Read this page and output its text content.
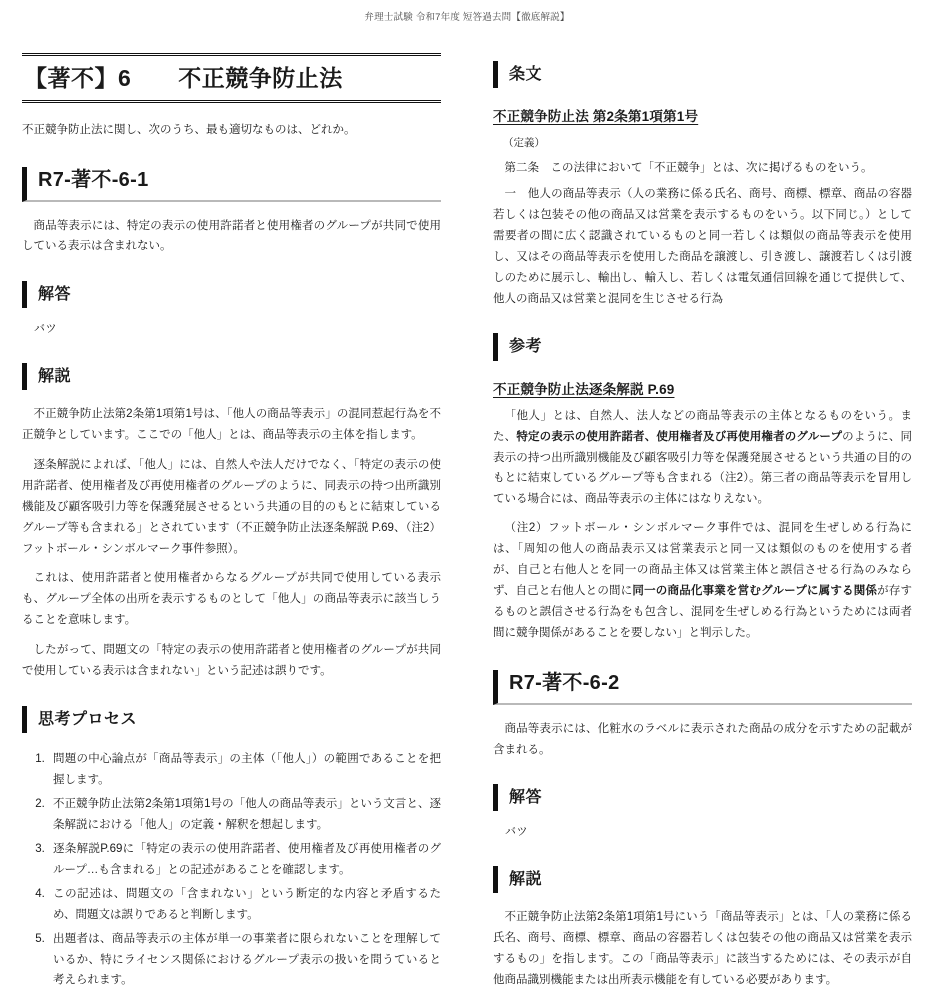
弁理士試験 令和7年度 短答過去問【徹底解説】
【著不】6　　不正競争防止法
不正競争防止法に関し、次のうち、最も適切なものは、どれか。
R7-著不-6-1
商品等表示には、特定の表示の使用許諾者と使用権者のグループが共同で使用している表示は含まれない。
解答
バツ
解説
不正競争防止法第2条第1項第1号は、「他人の商品等表示」の混同惹起行為を不正競争としています。ここでの「他人」とは、商品等表示の主体を指します。
逐条解説によれば、「他人」には、自然人や法人だけでなく、「特定の表示の使用許諾者、使用権者及び再使用権者のグループのように、同表示の持つ出所識別機能及び顧客吸引力等を保護発展させるという共通の目的のもとに結束しているグループ等も含まれる」とされています（不正競争防止法逐条解説 P.69、（注2）フットボール・シンボルマーク事件参照）。
これは、使用許諾者と使用権者からなるグループが共同で使用している表示も、グループ全体の出所を表示するものとして「他人」の商品等表示に該当しうることを意味します。
したがって、問題文の「特定の表示の使用許諾者と使用権者のグループが共同で使用している表示は含まれない」という記述は誤りです。
思考プロセス
1. 問題の中心論点が「商品等表示」の主体（「他人」）の範囲であることを把握します。
2. 不正競争防止法第2条第1項第1号の「他人の商品等表示」という文言と、逐条解説における「他人」の定義・解釈を想起します。
3. 逐条解説P.69に「特定の表示の使用許諾者、使用権者及び再使用権者のグループ…も含まれる」との記述があることを確認します。
4. この記述は、問題文の「含まれない」という断定的な内容と矛盾するため、問題文は誤りであると判断します。
5. 出題者は、商品等表示の主体が単一の事業者に限られないことを理解しているか、特にライセンス関係におけるグループ表示の扱いを問うていると考えられます。
条文
不正競争防止法 第2条第1項第1号
（定義）
第二条　この法律において「不正競争」とは、次に掲げるものをいう。
一　他人の商品等表示（人の業務に係る氏名、商号、商標、標章、商品の容器若しくは包装その他の商品又は営業を表示するものをいう。以下同じ。）として需要者の間に広く認識されているものと同一若しくは類似の商品等表示を使用し、又はその商品等表示を使用した商品を譲渡し、引き渡し、譲渡若しくは引渡しのために展示し、輸出し、輸入し、若しくは電気通信回線を通じて提供して、他人の商品又は営業と混同を生じさせる行為
参考
不正競争防止法逐条解説 P.69
「他人」とは、自然人、法人などの商品等表示の主体となるものをいう。また、特定の表示の使用許諾者、使用権者及び再使用権者のグループのように、同表示の持つ出所識別機能及び顧客吸引力等を保護発展させるという共通の目的のもとに結束しているグループ等も含まれる（注2）。第三者の商品等表示を冒用している場合には、商品等表示の主体にはなりえない。
（注2）フットボール・シンボルマーク事件では、混同を生ぜしめる行為には、「周知の他人の商品表示又は営業表示と同一又は類似のものを使用する者が、自己と右他人とを同一の商品主体又は営業主体と誤信させる行為のみならず、自己と右他人との間に同一の商品化事業を営むグループに属する関係が存するものと誤信させる行為をも包含し、混同を生ぜしめる行為というためには両者間に競争関係があることを要しない」と判示した。
R7-著不-6-2
商品等表示には、化粧水のラベルに表示された商品の成分を示すための記載が含まれる。
解答
バツ
解説
不正競争防止法第2条第1項第1号にいう「商品等表示」とは、「人の業務に係る氏名、商号、商標、標章、商品の容器若しくは包装その他の商品又は営業を表示するもの」を指します。この「商品等表示」に該当するためには、その表示が自他商品識別機能または出所表示機能を有している必要があります。
